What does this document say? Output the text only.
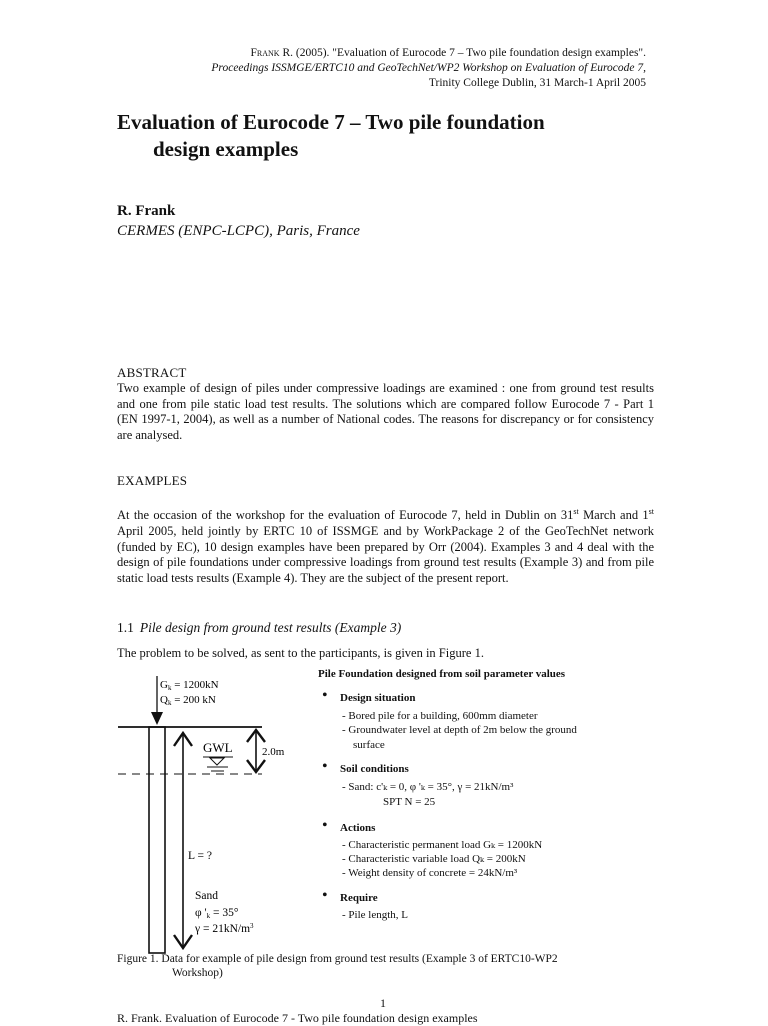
Frank R. (2005). "Evaluation of Eurocode 7 – Two pile foundation design examples".
Proceedings ISSMGE/ERTC10 and GeoTechNet/WP2 Workshop on Evaluation of Eurocode 7,
Trinity College Dublin, 31 March-1 April 2005
Evaluation of Eurocode 7 – Two pile foundation
design examples
R. Frank
CERMES (ENPC-LCPC), Paris, France
ABSTRACT
Two example of design of piles under compressive loadings are examined : one from ground test results and one from pile static load test results. The solutions which are compared follow Eurocode 7 - Part 1 (EN 1997-1, 2004), as well as a number of National codes. The reasons for discrepancy or for consistency are analysed.
EXAMPLES
At the occasion of the workshop for the evaluation of Eurocode 7, held in Dublin on 31st March and 1st April 2005, held jointly by ERTC 10 of ISSMGE and by WorkPackage 2 of the GeoTechNet network (funded by EC), 10 design examples have been prepared by Orr (2004). Examples 3 and 4 deal with the design of pile foundations under compressive loadings from ground test results (Example 3) and from pile static load tests results (Example 4). They are the subject of the present report.
1.1 Pile design from ground test results (Example 3)
The problem to be solved, as sent to the participants, is given in Figure 1.
Gk = 1200kN
Qk = 200 kN
GWL	2.0m
L = ?
Sand
φ 'k = 35°
$\gamma = 21kN/m^3$
Pile Foundation designed from soil parameter values
• Design situation
- Bored pile for a building, 600mm diameter
- Groundwater level at depth of 2m below the ground
surface
• Soil conditions
- Sand: c'ₖ = 0, φ 'ₖ = 35°, γ = 21kN/m³
SPT N = 25
• Actions
- Characteristic permanent load Gₖ = 1200kN
- Characteristic variable load Qₖ = 200kN
- Weight density of concrete = 24kN/m³
• Require
- Pile length, L
Figure 1. Data for example of pile design from ground test results (Example 3 of ERTC10-WP2
Workshop)
1
R. Frank. Evaluation of Eurocode 7 - Two pile foundation design examples
